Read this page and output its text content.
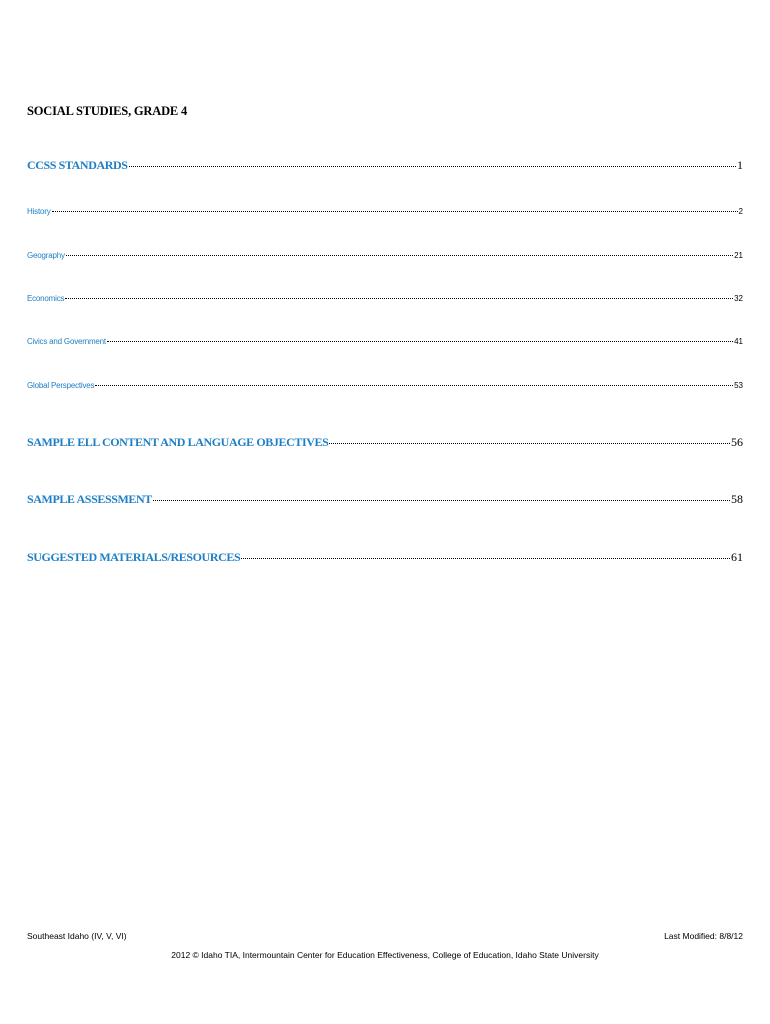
SOCIAL STUDIES, GRADE 4
CCSS STANDARDS	1
History	2
Geography	21
Economics	32
Civics and Government	41
Global Perspectives	53
SAMPLE ELL CONTENT AND LANGUAGE OBJECTIVES	56
SAMPLE ASSESSMENT	58
SUGGESTED MATERIALS/RESOURCES	61
Southeast Idaho (IV, V, VI)	Last Modified: 8/8/12
2012 © Idaho TIA, Intermountain Center for Education Effectiveness, College of Education, Idaho State University
